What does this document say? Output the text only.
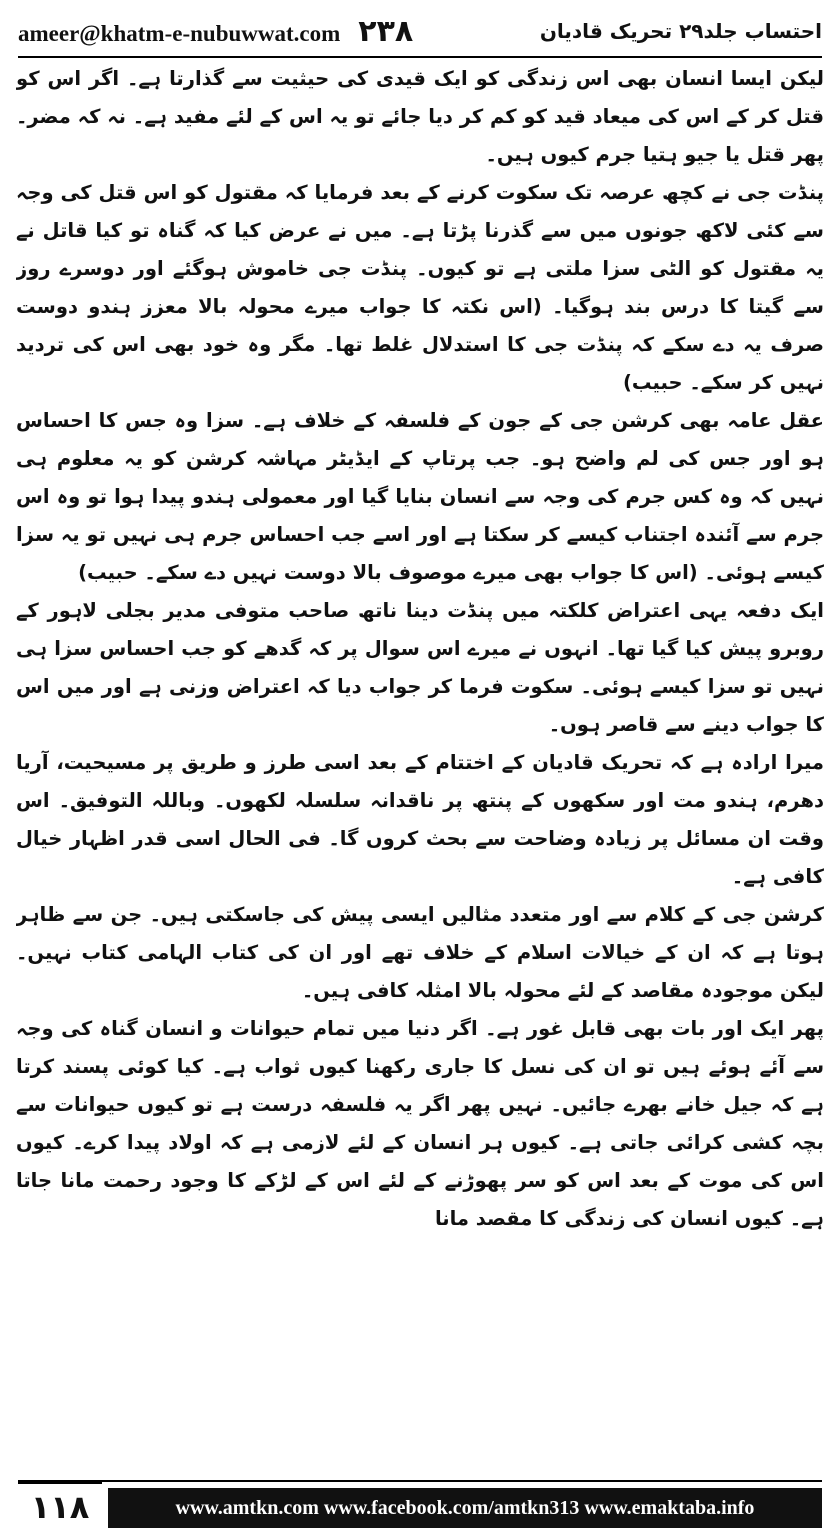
ameer@khatm-e-nubuwwat.com ۲۳۸	احتساب جلد۲۹ تحریک قادیان

لیکن ایسا انسان بھی اس زندگی کو ایک قیدی کی حیثیت سے گذارتا ہے۔ اگر اس کو قتل کر کے اس کی میعاد قید کو کم کر دیا جائے تو یہ اس کے لئے مفید ہے۔ نہ کہ مضر۔ پھر قتل یا جیو ہتیا جرم کیوں ہیں۔

پنڈت جی نے کچھ عرصہ تک سکوت کرنے کے بعد فرمایا کہ مقتول کو اس قتل کی وجہ سے کئی لاکھ جونوں میں سے گذرنا پڑتا ہے۔ میں نے عرض کیا کہ گناہ تو کیا قاتل نے یہ مقتول کو الٹی سزا ملتی ہے تو کیوں۔ پنڈت جی خاموش ہوگئے اور دوسرے روز سے گیتا کا درس بند ہوگیا۔ (اس نکتہ کا جواب میرے محولہ بالا معزز ہندو دوست صرف یہ دے سکے کہ پنڈت جی کا استدلال غلط تھا۔ مگر وہ خود بھی اس کی تردید نہیں کر سکے۔ حبیب)

عقل عامہ بھی کرشن جی کے جون کے فلسفہ کے خلاف ہے۔ سزا وہ جس کا احساس ہو اور جس کی لم واضح ہو۔ جب پرتاپ کے ایڈیٹر مہاشہ کرشن کو یہ معلوم ہی نہیں کہ وہ کس جرم کی وجہ سے انسان بنایا گیا اور معمولی ہندو پیدا ہوا تو وہ اس جرم سے آئندہ اجتناب کیسے کر سکتا ہے اور اسے جب احساس جرم ہی نہیں تو یہ سزا کیسے ہوئی۔ (اس کا جواب بھی میرے موصوف بالا دوست نہیں دے سکے۔ حبیب)

ایک دفعہ یہی اعتراض کلکتہ میں پنڈت دینا ناتھ صاحب متوفی مدیر بجلی لاہور کے روبرو پیش کیا گیا تھا۔ انہوں نے میرے اس سوال پر کہ گدھے کو جب احساس سزا ہی نہیں تو سزا کیسے ہوئی۔ سکوت فرما کر جواب دیا کہ اعتراض وزنی ہے اور میں اس کا جواب دینے سے قاصر ہوں۔

میرا ارادہ ہے کہ تحریک قادیان کے اختتام کے بعد اسی طرز و طریق پر مسیحیت، آریا دھرم، ہندو مت اور سکھوں کے پنتھ پر ناقدانہ سلسلہ لکھوں۔ وباللہ التوفیق۔ اس وقت ان مسائل پر زیادہ وضاحت سے بحث کروں گا۔ فی الحال اسی قدر اظہار خیال کافی ہے۔

کرشن جی کے کلام سے اور متعدد مثالیں ایسی پیش کی جاسکتی ہیں۔ جن سے ظاہر ہوتا ہے کہ ان کے خیالات اسلام کے خلاف تھے اور ان کی کتاب الہامی کتاب نہیں۔ لیکن موجودہ مقاصد کے لئے محولہ بالا امثلہ کافی ہیں۔

پھر ایک اور بات بھی قابل غور ہے۔ اگر دنیا میں تمام حیوانات و انسان گناہ کی وجہ سے آئے ہوئے ہیں تو ان کی نسل کا جاری رکھنا کیوں ثواب ہے۔ کیا کوئی پسند کرتا ہے کہ جیل خانے بھرے جائیں۔ نہیں پھر اگر یہ فلسفہ درست ہے تو کیوں حیوانات سے بچہ کشی کرائی جاتی ہے۔ کیوں ہر انسان کے لئے لازمی ہے کہ اولاد پیدا کرے۔ کیوں اس کی موت کے بعد اس کو سر پھوڑنے کے لئے اس کے لڑکے کا وجود رحمت مانا جاتا ہے۔ کیوں انسان کی زندگی کا مقصد مانا

۱۱۸	www.amtkn.com www.facebook.com/amtkn313 www.emaktaba.info
